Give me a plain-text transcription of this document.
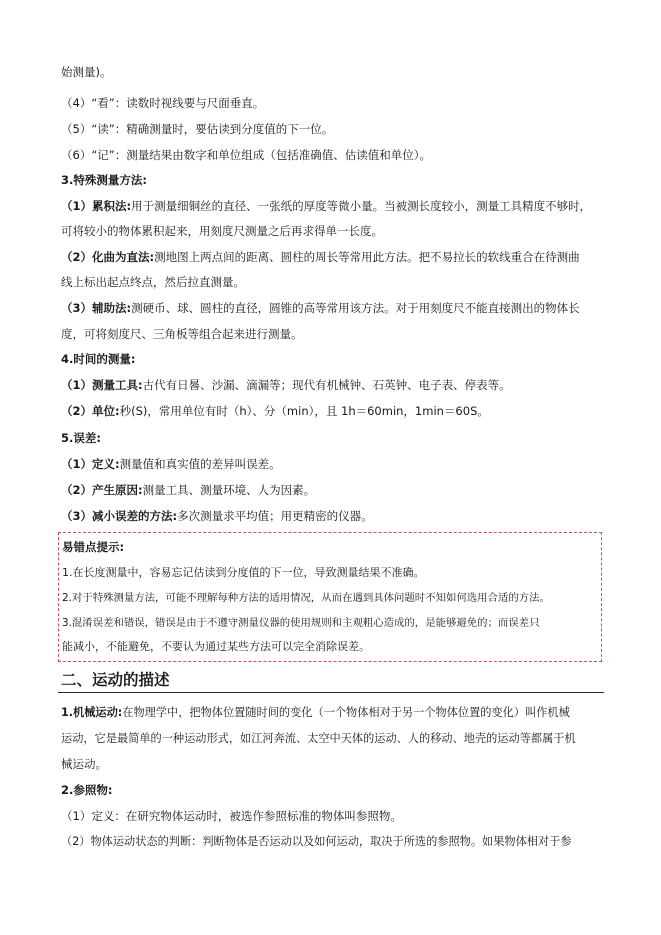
始测量)。
（4）“看”：读数时视线要与尺面垂直。
（5）“读”：精确测量时，要估读到分度值的下一位。
（6）“记”：测量结果由数字和单位组成（包括准确值、估读值和单位）。
3.特殊测量方法:
（1）累积法:用于测量细铜丝的直径、一张纸的厚度等微小量。当被测长度较小，测量工具精度不够时，
可将较小的物体累积起来，用刻度尺测量之后再求得单一长度。
（2）化曲为直法:测地图上两点间的距离、圆柱的周长等常用此方法。把不易拉长的软线重合在待测曲
线上标出起点终点，然后拉直测量。
（3）辅助法:测硬币、球、圆柱的直径，圆锥的高等常用该方法。对于用刻度尺不能直接测出的物体长
度，可将刻度尺、三角板等组合起来进行测量。
4.时间的测量:
（1）测量工具:古代有日晷、沙漏、滴漏等；现代有机械钟、石英钟、电子表、停表等。
（2）单位:秒(S)，常用单位有时（h）、分（min），且 1h＝60min，1min＝60S。
5.误差:
（1）定义:测量值和真实值的差异叫误差。
（2）产生原因:测量工具、测量环境、人为因素。
（3）减小误差的方法:多次测量求平均值；用更精密的仪器。
易错点提示:
1.在长度测量中，容易忘记估读到分度值的下一位，导致测量结果不准确。
2.对于特殊测量方法，可能不理解每种方法的适用情况，从而在遇到具体问题时不知如何选用合适的方法。
3.混淆误差和错误，错误是由于不遵守测量仪器的使用规则和主观粗心造成的，是能够避免的；而误差只
能减小，不能避免，不要认为通过某些方法可以完全消除误差。
二、运动的描述
1.机械运动:在物理学中，把物体位置随时间的变化（一个物体相对于另一个物体位置的变化）叫作机械
运动，它是最简单的一种运动形式，如江河奔流、太空中天体的运动、人的移动、地壳的运动等都属于机
械运动。
2.参照物:
（1）定义：在研究物体运动时，被选作参照标准的物体叫参照物。
（2）物体运动状态的判断：判断物体是否运动以及如何运动，取决于所选的参照物。如果物体相对于参
